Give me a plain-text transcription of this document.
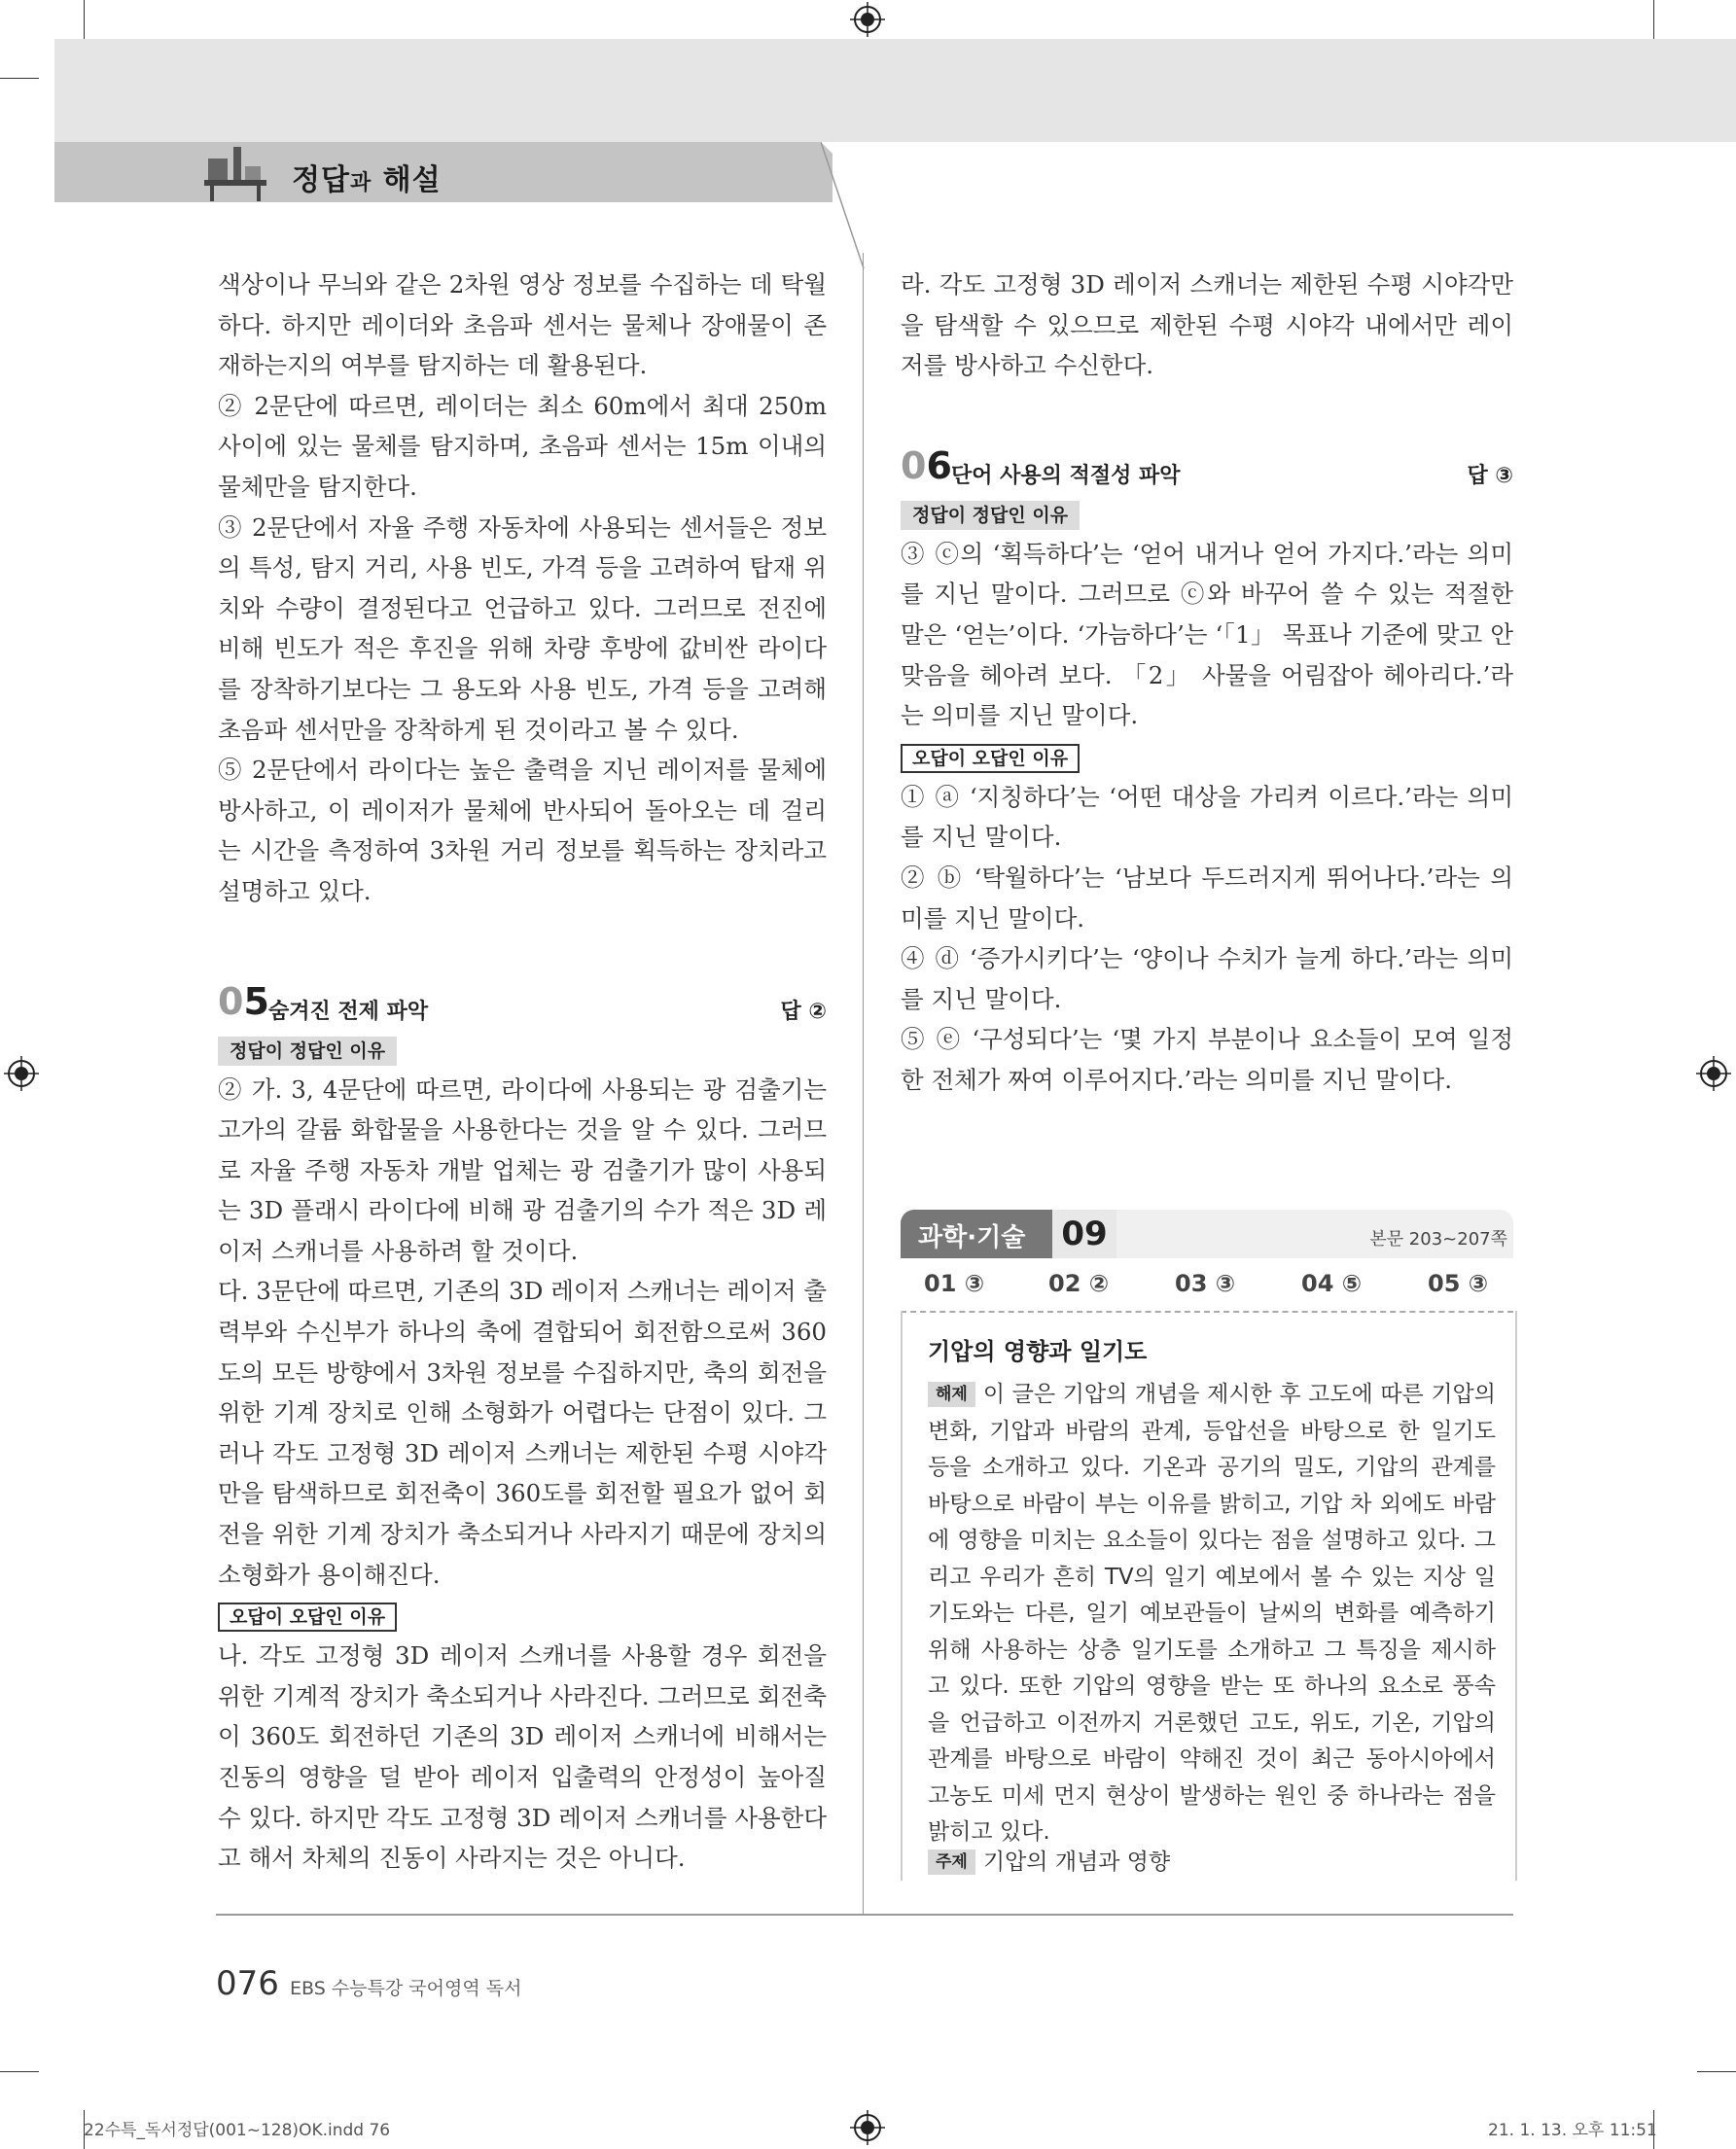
정답과 해설

색상이나 무늬와 같은 2차원 영상 정보를 수집하는 데 탁월하다. 하지만 레이더와 초음파 센서는 물체나 장애물이 존재하는지의 여부를 탐지하는 데 활용된다.

② 2문단에 따르면, 레이더는 최소 60m에서 최대 250m 사이에 있는 물체를 탐지하며, 초음파 센서는 15m 이내의 물체만을 탐지한다.

③ 2문단에서 자율 주행 자동차에 사용되는 센서들은 정보의 특성, 탐지 거리, 사용 빈도, 가격 등을 고려하여 탑재 위치와 수량이 결정된다고 언급하고 있다. 그러므로 전진에 비해 빈도가 적은 후진을 위해 차량 후방에 값비싼 라이다를 장착하기보다는 그 용도와 사용 빈도, 가격 등을 고려해 초음파 센서만을 장착하게 된 것이라고 볼 수 있다.

⑤ 2문단에서 라이다는 높은 출력을 지닌 레이저를 물체에 방사하고, 이 레이저가 물체에 반사되어 돌아오는 데 걸리는 시간을 측정하여 3차원 거리 정보를 획득하는 장치라고 설명하고 있다.

05 숨겨진 전제 파악	답 ②
정답이 정답인 이유

② 가. 3, 4문단에 따르면, 라이다에 사용되는 광 검출기는 고가의 갈륨 화합물을 사용한다는 것을 알 수 있다. 그러므로 자율 주행 자동차 개발 업체는 광 검출기가 많이 사용되는 3D 플래시 라이다에 비해 광 검출기의 수가 적은 3D 레이저 스캐너를 사용하려 할 것이다.

다. 3문단에 따르면, 기존의 3D 레이저 스캐너는 레이저 출력부와 수신부가 하나의 축에 결합되어 회전함으로써 360도의 모든 방향에서 3차원 정보를 수집하지만, 축의 회전을 위한 기계 장치로 인해 소형화가 어렵다는 단점이 있다. 그러나 각도 고정형 3D 레이저 스캐너는 제한된 수평 시야각만을 탐색하므로 회전축이 360도를 회전할 필요가 없어 회전을 위한 기계 장치가 축소되거나 사라지기 때문에 장치의 소형화가 용이해진다.

오답이 오답인 이유

나. 각도 고정형 3D 레이저 스캐너를 사용할 경우 회전을 위한 기계적 장치가 축소되거나 사라진다. 그러므로 회전축이 360도 회전하던 기존의 3D 레이저 스캐너에 비해서는 진동의 영향을 덜 받아 레이저 입출력의 안정성이 높아질 수 있다. 하지만 각도 고정형 3D 레이저 스캐너를 사용한다고 해서 차체의 진동이 사라지는 것은 아니다.

라. 각도 고정형 3D 레이저 스캐너는 제한된 수평 시야각만을 탐색할 수 있으므로 제한된 수평 시야각 내에서만 레이저를 방사하고 수신한다.

06 단어 사용의 적절성 파악	답 ③
정답이 정답인 이유

③ ⓒ의 ‘획득하다’는 ‘얻어 내거나 얻어 가지다.’라는 의미를 지닌 말이다. 그러므로 ⓒ와 바꾸어 쓸 수 있는 적절한 말은 ‘얻는’이다. ‘가늠하다’는 ‘「1」 목표나 기준에 맞고 안 맞음을 헤아려 보다. 「2」 사물을 어림잡아 헤아리다.’라는 의미를 지닌 말이다.

오답이 오답인 이유

① ⓐ ‘지칭하다’는 ‘어떤 대상을 가리켜 이르다.’라는 의미를 지닌 말이다.

② ⓑ ‘탁월하다’는 ‘남보다 두드러지게 뛰어나다.’라는 의미를 지닌 말이다.

④ ⓓ ‘증가시키다’는 ‘양이나 수치가 늘게 하다.’라는 의미를 지닌 말이다.

⑤ ⓔ ‘구성되다’는 ‘몇 가지 부분이나 요소들이 모여 일정한 전체가 짜여 이루어지다.’라는 의미를 지닌 말이다.

과학·기술 09	본문 203~207쪽
01 ③	02 ②	03 ③	04 ⑤	05 ③
기압의 영향과 일기도
해제 이 글은 기압의 개념을 제시한 후 고도에 따른 기압의 변화, 기압과 바람의 관계, 등압선을 바탕으로 한 일기도 등을 소개하고 있다. 기온과 공기의 밀도, 기압의 관계를 바탕으로 바람이 부는 이유를 밝히고, 기압 차 외에도 바람에 영향을 미치는 요소들이 있다는 점을 설명하고 있다. 그리고 우리가 흔히 TV의 일기 예보에서 볼 수 있는 지상 일기도와는 다른, 일기 예보관들이 날씨의 변화를 예측하기 위해 사용하는 상층 일기도를 소개하고 그 특징을 제시하고 있다. 또한 기압의 영향을 받는 또 하나의 요소로 풍속을 언급하고 이전까지 거론했던 고도, 위도, 기온, 기압의 관계를 바탕으로 바람이 약해진 것이 최근 동아시아에서 고농도 미세 먼지 현상이 발생하는 원인 중 하나라는 점을 밝히고 있다.
주제 기압의 개념과 영향
076 EBS 수능특강 국어영역 독서
22수특_독서정답(001~128)OK.indd 76	21. 1. 13. 오후 11:51
